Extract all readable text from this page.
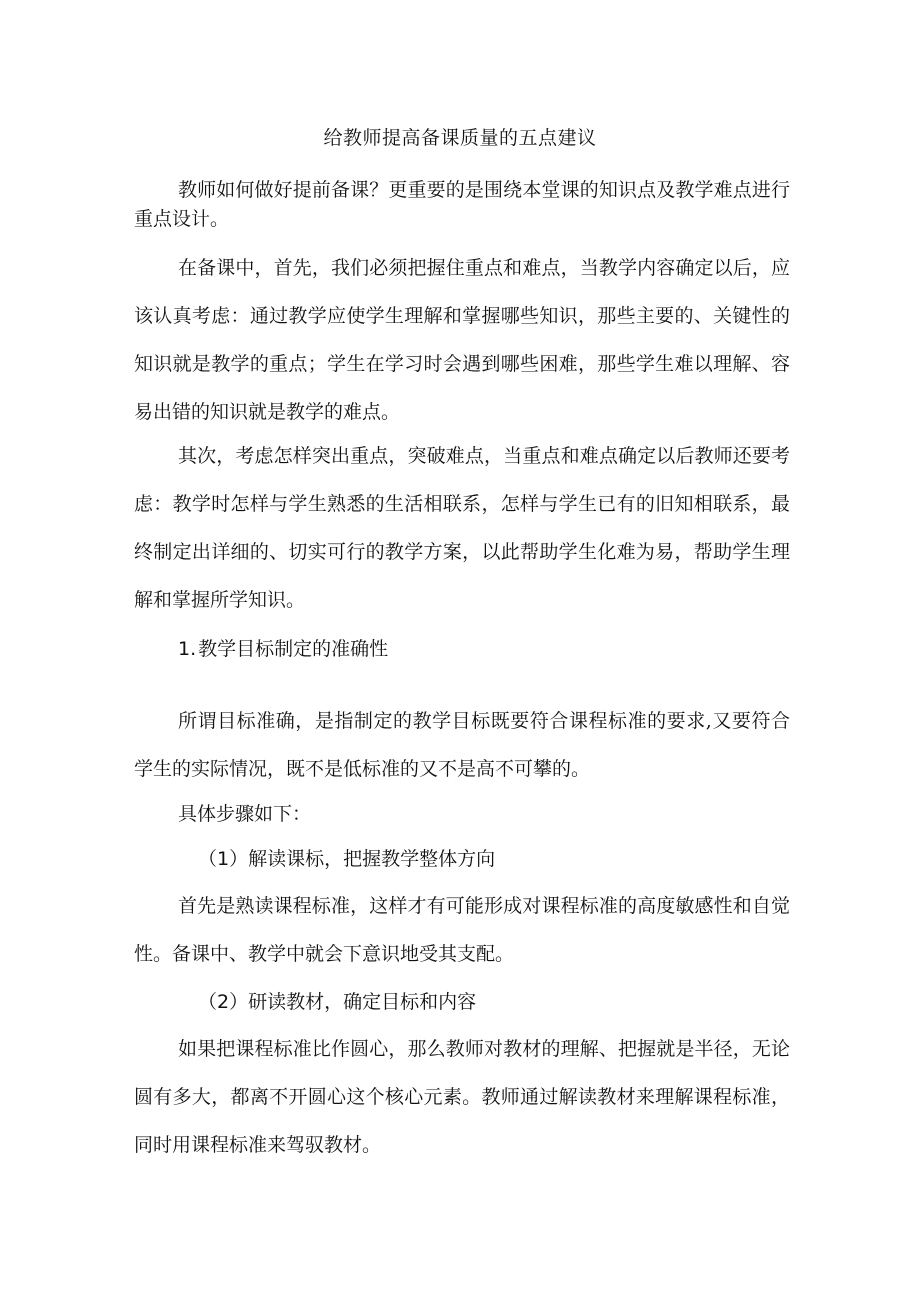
给教师提高备课质量的五点建议

教师如何做好提前备课？更重要的是围绕本堂课的知识点及教学难点进行重点设计。

在备课中，首先，我们必须把握住重点和难点，当教学内容确定以后，应该认真考虑：通过教学应使学生理解和掌握哪些知识，那些主要的、关键性的知识就是教学的重点；学生在学习时会遇到哪些困难，那些学生难以理解、容易出错的知识就是教学的难点。

其次，考虑怎样突出重点，突破难点，当重点和难点确定以后教师还要考虑：教学时怎样与学生熟悉的生活相联系，怎样与学生已有的旧知相联系，最终制定出详细的、切实可行的教学方案，以此帮助学生化难为易，帮助学生理解和掌握所学知识。

1. 教学目标制定的准确性

所谓目标准确，是指制定的教学目标既要符合课程标准的要求,又要符合学生的实际情况，既不是低标准的又不是高不可攀的。

具体步骤如下：
（1）解读课标，把握教学整体方向

首先是熟读课程标准，这样才有可能形成对课程标准的高度敏感性和自觉性。备课中、教学中就会下意识地受其支配。

（2）研读教材，确定目标和内容

如果把课程标准比作圆心，那么教师对教材的理解、把握就是半径，无论圆有多大，都离不开圆心这个核心元素。教师通过解读教材来理解课程标准，同时用课程标准来驾驭教材。
